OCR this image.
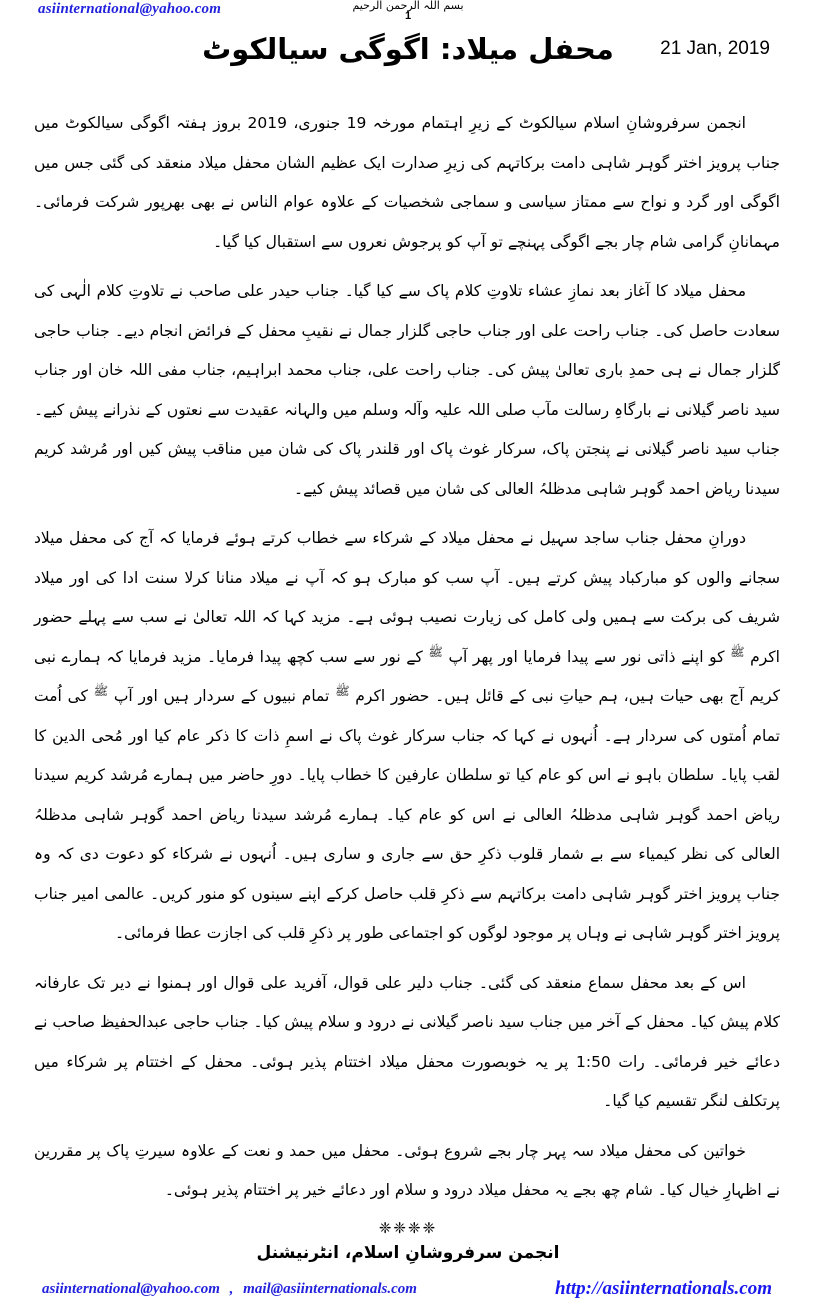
asiinternational@yahoo.com	بسم اللہ الرحمن الرحیم
1
محفل میلاد: اگوگی سیالکوٹ	21 Jan, 2019

انجمن سرفروشانِ اسلام سیالکوٹ کے زیرِ اہتمام مورخہ 19 جنوری، 2019 بروز ہفتہ اگوگی سیالکوٹ میں جناب پرویز اختر گوہر شاہی دامت برکاتہم کی زیرِ صدارت ایک عظیم الشان محفل میلاد منعقد کی گئی جس میں اگوگی اور گرد و نواح سے ممتاز سیاسی و سماجی شخصیات کے علاوہ عوام الناس نے بھی بھرپور شرکت فرمائی۔ مہمانانِ گرامی شام چار بجے اگوگی پہنچے تو آپ کو پرجوش نعروں سے استقبال کیا گیا۔

محفل میلاد کا آغاز بعد نمازِ عشاء تلاوتِ کلام پاک سے کیا گیا۔ جناب حیدر علی صاحب نے تلاوتِ کلام الٰہی کی سعادت حاصل کی۔ جناب راحت علی اور جناب حاجی گلزار جمال نے نقیبِ محفل کے فرائض انجام دیے۔ جناب حاجی گلزار جمال نے ہی حمدِ باری تعالیٰ پیش کی۔ جناب راحت علی، جناب محمد ابراہیم، جناب مفی اللہ خان اور جناب سید ناصر گیلانی نے بارگاہِ رسالت مآب صلی اللہ علیہ وآلہ وسلم میں والہانہ عقیدت سے نعتوں کے نذرانے پیش کیے۔ جناب سید ناصر گیلانی نے پنجتن پاک، سرکار غوث پاک اور قلندر پاک کی شان میں مناقب پیش کیں اور مُرشد کریم سیدنا ریاض احمد گوہر شاہی مدظلہُ العالی کی شان میں قصائد پیش کیے۔

دورانِ محفل جناب ساجد سہیل نے محفل میلاد کے شرکاء سے خطاب کرتے ہوئے فرمایا کہ آج کی محفل میلاد سجانے والوں کو مبارکباد پیش کرتے ہیں۔ آپ سب کو مبارک ہو کہ آپ نے میلاد منانا کرلا سنت ادا کی اور میلاد شریف کی برکت سے ہمیں ولی کامل کی زیارت نصیب ہوئی ہے۔ مزید کہا کہ اللہ تعالیٰ نے سب سے پہلے حضور اکرم $^ﷺ$ کو اپنے ذاتی نور سے پیدا فرمایا اور پھر آپ $^ﷺ$ کے نور سے سب کچھ پیدا فرمایا۔ مزید فرمایا کہ ہمارے نبی کریم آج بھی حیات ہیں، ہم حیاتِ نبی کے قائل ہیں۔ حضور اکرم $^ﷺ$ تمام نبیوں کے سردار ہیں اور آپ $^ﷺ$ کی اُمت تمام اُمتوں کی سردار ہے۔ اُنہوں نے کہا کہ جناب سرکار غوث پاک نے اسمِ ذات کا ذکر عام کیا اور مُحی الدین کا لقب پایا۔ سلطان باہو نے اس کو عام کیا تو سلطان عارفین کا خطاب پایا۔ دورِ حاضر میں ہمارے مُرشد کریم سیدنا ریاض احمد گوہر شاہی مدظلہُ العالی نے اس کو عام کیا۔ ہمارے مُرشد سیدنا ریاض احمد گوہر شاہی مدظلہُ العالی کی نظر کیمیاء سے بے شمار قلوب ذکرِ حق سے جاری و ساری ہیں۔ اُنہوں نے شرکاء کو دعوت دی کہ وہ جناب پرویز اختر گوہر شاہی دامت برکاتہم سے ذکرِ قلب حاصل کرکے اپنے سینوں کو منور کریں۔ عالمی امیر جناب پرویز اختر گوہر شاہی نے وہاں پر موجود لوگوں کو اجتماعی طور پر ذکرِ قلب کی اجازت عطا فرمائی۔

اس کے بعد محفل سماع منعقد کی گئی۔ جناب دلیر علی قوال، آفرید علی قوال اور ہمنوا نے دیر تک عارفانہ کلام پیش کیا۔ محفل کے آخر میں جناب سید ناصر گیلانی نے درود و سلام پیش کیا۔ جناب حاجی عبدالحفیظ صاحب نے دعائے خیر فرمائی۔ رات 1:50 پر یہ خوبصورت محفل میلاد اختتام پذیر ہوئی۔ محفل کے اختتام پر شرکاء میں پرتکلف لنگر تقسیم کیا گیا۔

خواتین کی محفل میلاد سہ پہر چار بجے شروع ہوئی۔ محفل میں حمد و نعت کے علاوہ سیرتِ پاک پر مقررین نے اظہارِ خیال کیا۔ شام چھ بجے یہ محفل میلاد درود و سلام اور دعائے خیر پر اختتام پذیر ہوئی۔

❈❈❈❈
انجمن سرفروشانِ اسلام، انٹرنیشنل
asiinternational@yahoo.com , mail@asiinternationals.com	http://asiinternationals.com
